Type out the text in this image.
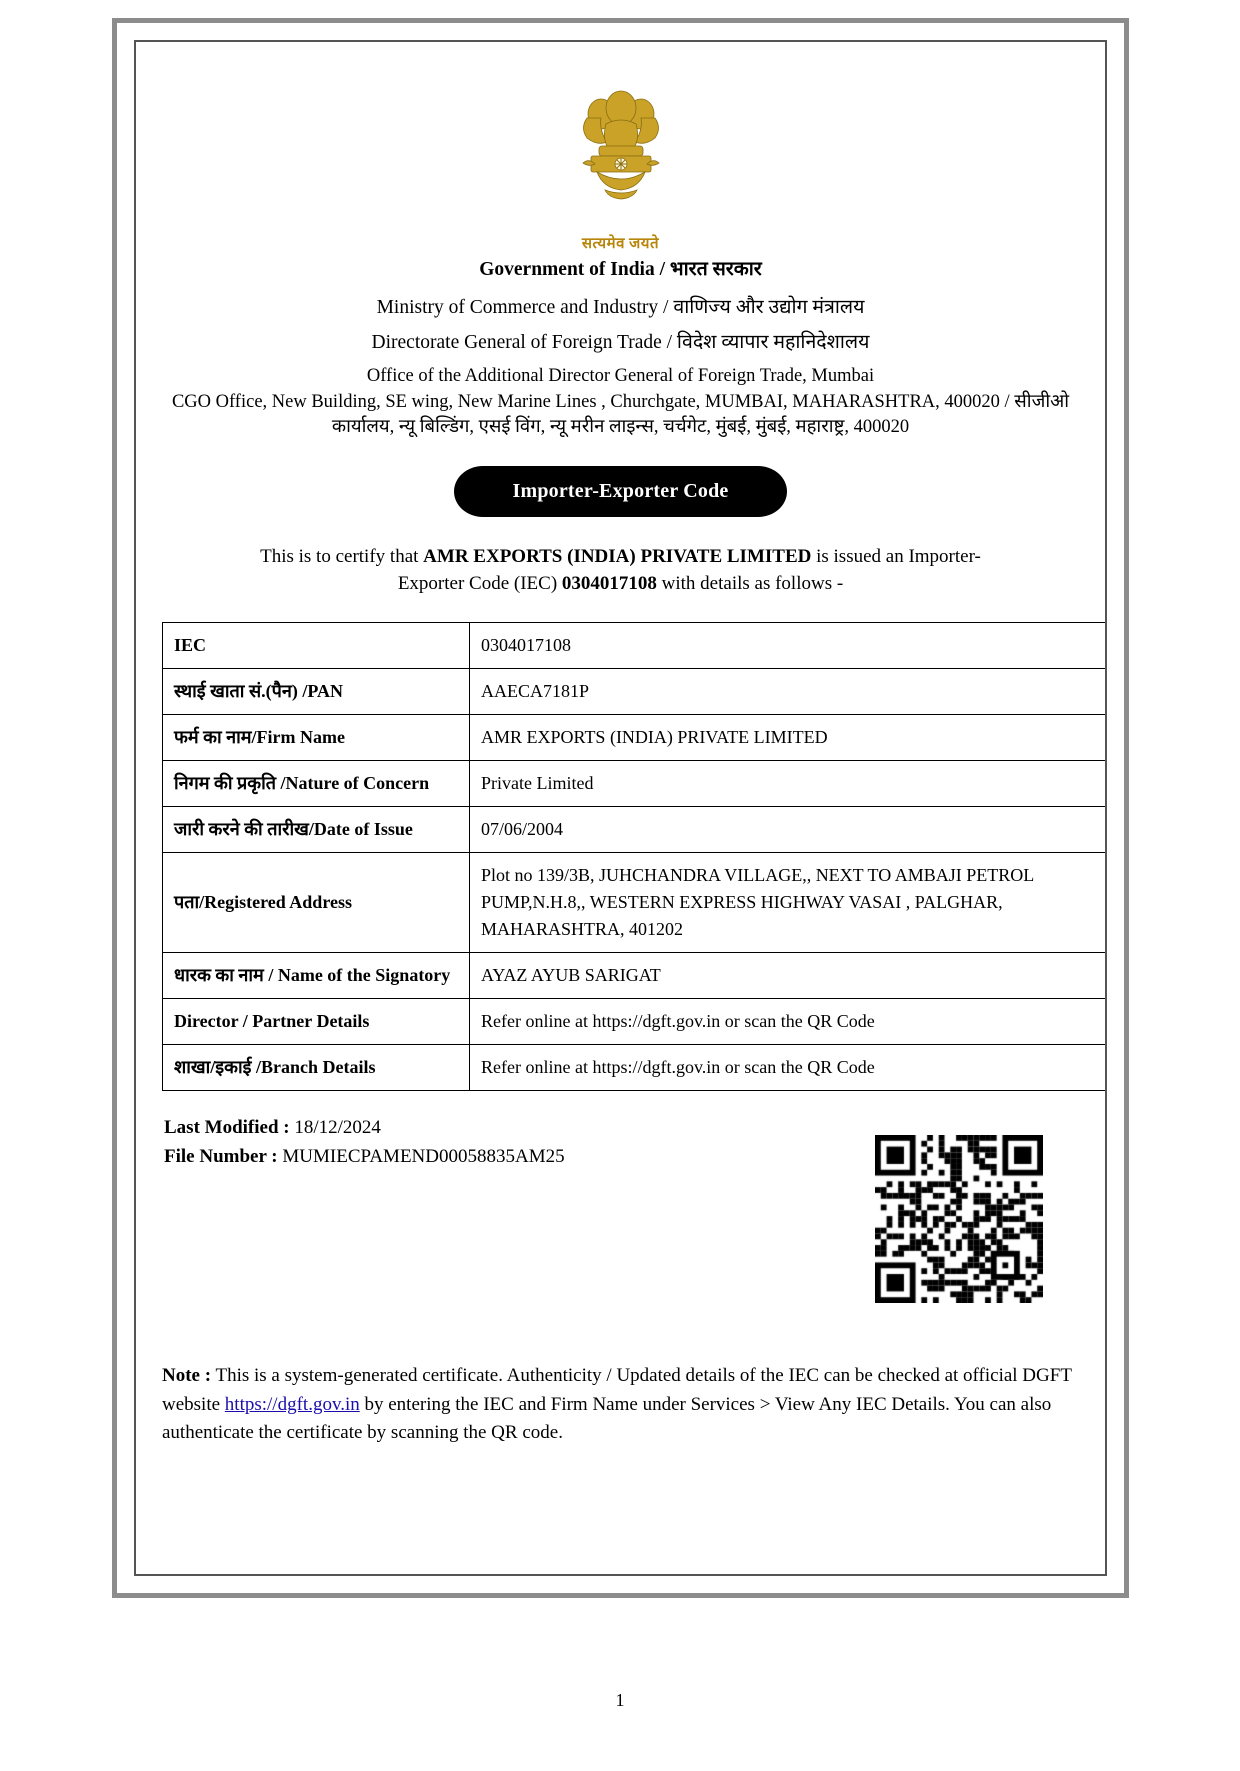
सत्यमेव जयते
Government of India / भारत सरकार
Ministry of Commerce and Industry / वाणिज्य और उद्योग मंत्रालय
Directorate General of Foreign Trade / विदेश व्यापार महानिदेशालय
Office of the Additional Director General of Foreign Trade, Mumbai
CGO Office, New Building, SE wing, New Marine Lines , Churchgate, MUMBAI, MAHARASHTRA, 400020 / सीजीओ कार्यालय, न्यू बिल्डिंग, एसई विंग, न्यू मरीन लाइन्स, चर्चगेट, मुंबई, मुंबई, महाराष्ट्र, 400020
Importer-Exporter Code
This is to certify that AMR EXPORTS (INDIA) PRIVATE LIMITED is issued an Importer-Exporter Code (IEC) 0304017108 with details as follows -
IEC	0304017108
स्थाई खाता सं.(पैन) /PAN	AAECA7181P
फर्म का नाम/Firm Name	AMR EXPORTS (INDIA) PRIVATE LIMITED
निगम की प्रकृति /Nature of Concern	Private Limited
जारी करने की तारीख/Date of Issue	07/06/2004
पता/Registered Address	Plot no 139/3B, JUHCHANDRA VILLAGE,, NEXT TO AMBAJI PETROL PUMP,N.H.8,, WESTERN EXPRESS HIGHWAY VASAI , PALGHAR, MAHARASHTRA, 401202
धारक का नाम / Name of the Signatory	AYAZ AYUB SARIGAT
Director / Partner Details	Refer online at https://dgft.gov.in or scan the QR Code
शाखा/इकाई /Branch Details	Refer online at https://dgft.gov.in or scan the QR Code
Last Modified : 18/12/2024
File Number : MUMIECPAMEND00058835AM25
Note : This is a system-generated certificate. Authenticity / Updated details of the IEC can be checked at official DGFT website https://dgft.gov.in by entering the IEC and Firm Name under Services > View Any IEC Details. You can also authenticate the certificate by scanning the QR code.
1
